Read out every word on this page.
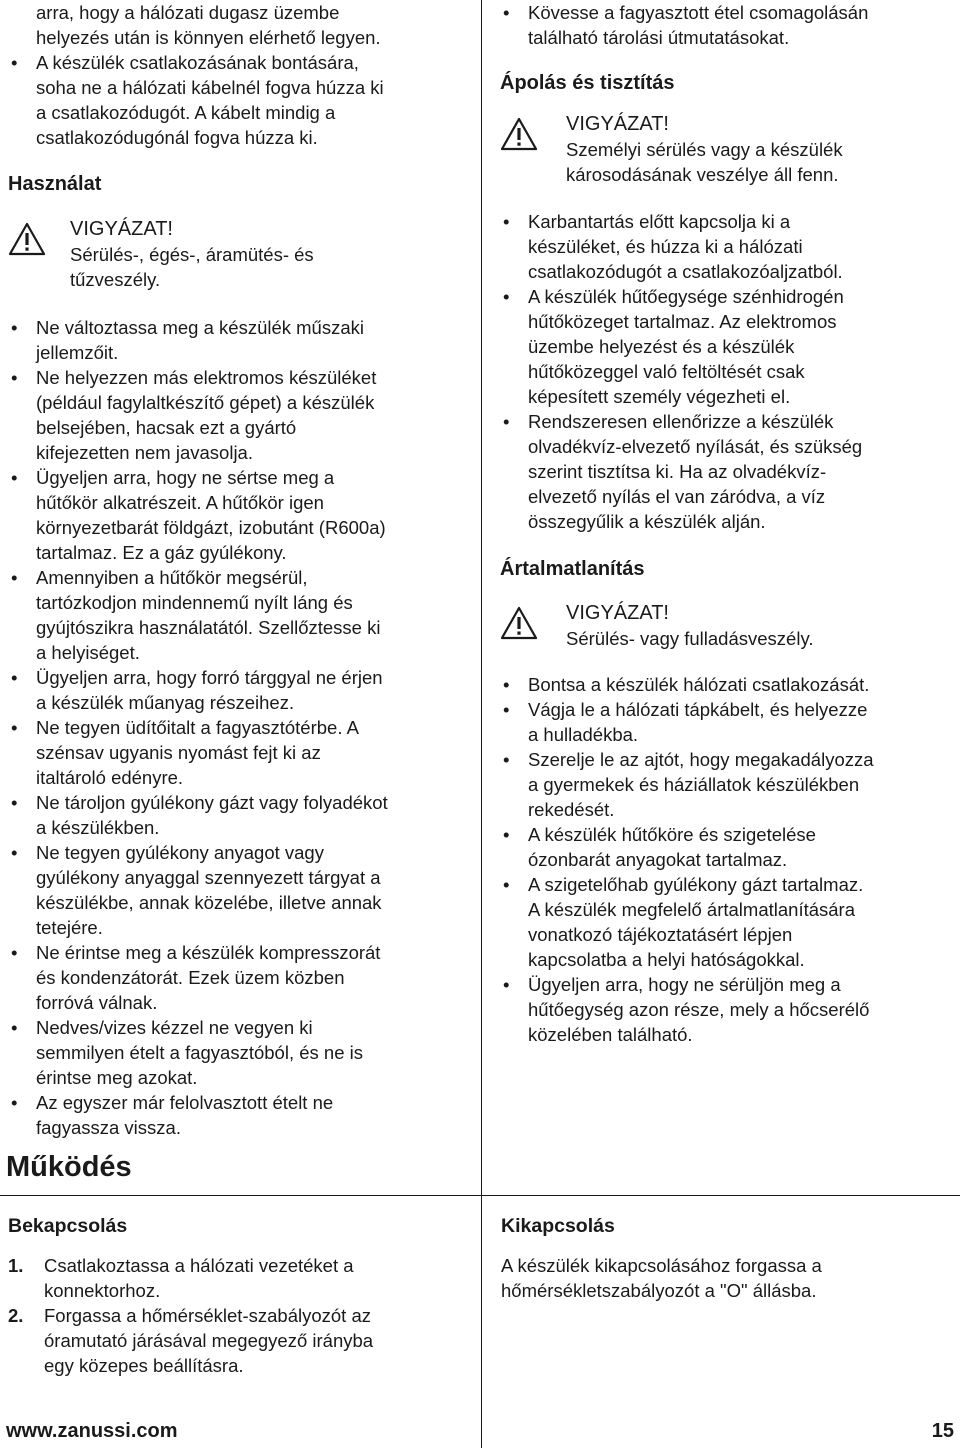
arra, hogy a hálózati dugasz üzembe
helyezés után is könnyen elérhető legyen.

• A készülék csatlakozásának bontására,
soha ne a hálózati kábelnél fogva húzza ki
a csatlakozódugót. A kábelt mindig a
csatlakozódugónál fogva húzza ki.
Használat
VIGYÁZAT!
Sérülés-, égés-, áramütés- és
tűzveszély.
• Ne változtassa meg a készülék műszaki
jellemzőit.
• Ne helyezzen más elektromos készüléket
(például fagylaltkészítő gépet) a készülék
belsejében, hacsak ezt a gyártó
kifejezetten nem javasolja.
• Ügyeljen arra, hogy ne sértse meg a
hűtőkör alkatrészeit. A hűtőkör igen
környezetbarát földgázt, izobutánt (R600a)
tartalmaz. Ez a gáz gyúlékony.
• Amennyiben a hűtőkör megsérül,
tartózkodjon mindennemű nyílt láng és
gyújtószikra használatától. Szellőztesse ki
a helyiséget.
• Ügyeljen arra, hogy forró tárggyal ne érjen
a készülék műanyag részeihez.
• Ne tegyen üdítőitalt a fagyasztótérbe. A
szénsav ugyanis nyomást fejt ki az
italtároló edényre.
• Ne tároljon gyúlékony gázt vagy folyadékot
a készülékben.
• Ne tegyen gyúlékony anyagot vagy
gyúlékony anyaggal szennyezett tárgyat a
készülékbe, annak közelébe, illetve annak
tetejére.
• Ne érintse meg a készülék kompresszorát
és kondenzátorát. Ezek üzem közben
forróvá válnak.
• Nedves/vizes kézzel ne vegyen ki
semmilyen ételt a fagyasztóból, és ne is
érintse meg azokat.
• Az egyszer már felolvasztott ételt ne
fagyassza vissza.
• Kövesse a fagyasztott étel csomagolásán
található tárolási útmutatásokat.
Ápolás és tisztítás
VIGYÁZAT!
Személyi sérülés vagy a készülék
károsodásának veszélye áll fenn.
• Karbantartás előtt kapcsolja ki a
készüléket, és húzza ki a hálózati
csatlakozódugót a csatlakozóaljzatból.
• A készülék hűtőegysége szénhidrogén
hűtőközeget tartalmaz. Az elektromos
üzembe helyezést és a készülék
hűtőközeggel való feltöltését csak
képesített személy végezheti el.
• Rendszeresen ellenőrizze a készülék
olvadékvíz-elvezető nyílását, és szükség
szerint tisztítsa ki. Ha az olvadékvíz-
elvezető nyílás el van záródva, a víz
összegyűlik a készülék alján.
Ártalmatlanítás
VIGYÁZAT!
Sérülés- vagy fulladásveszély.
• Bontsa a készülék hálózati csatlakozását.
• Vágja le a hálózati tápkábelt, és helyezze
a hulladékba.
• Szerelje le az ajtót, hogy megakadályozza
a gyermekek és háziállatok készülékben
rekedését.
• A készülék hűtőköre és szigetelése
ózonbarát anyagokat tartalmaz.
• A szigetelőhab gyúlékony gázt tartalmaz.
A készülék megfelelő ártalmatlanítására
vonatkozó tájékoztatásért lépjen
kapcsolatba a helyi hatóságokkal.
• Ügyeljen arra, hogy ne sérüljön meg a
hűtőegység azon része, mely a hőcserélő
közelében található.
Működés
Bekapcsolás
1. Csatlakoztassa a hálózati vezetéket a
konnektorhoz.
2. Forgassa a hőmérséklet-szabályozót az
óramutató járásával megegyező irányba
egy közepes beállításra.
Kikapcsolás

A készülék kikapcsolásához forgassa a
hőmérsékletszabályozót a "O" állásba.

www.zanussi.com	15
